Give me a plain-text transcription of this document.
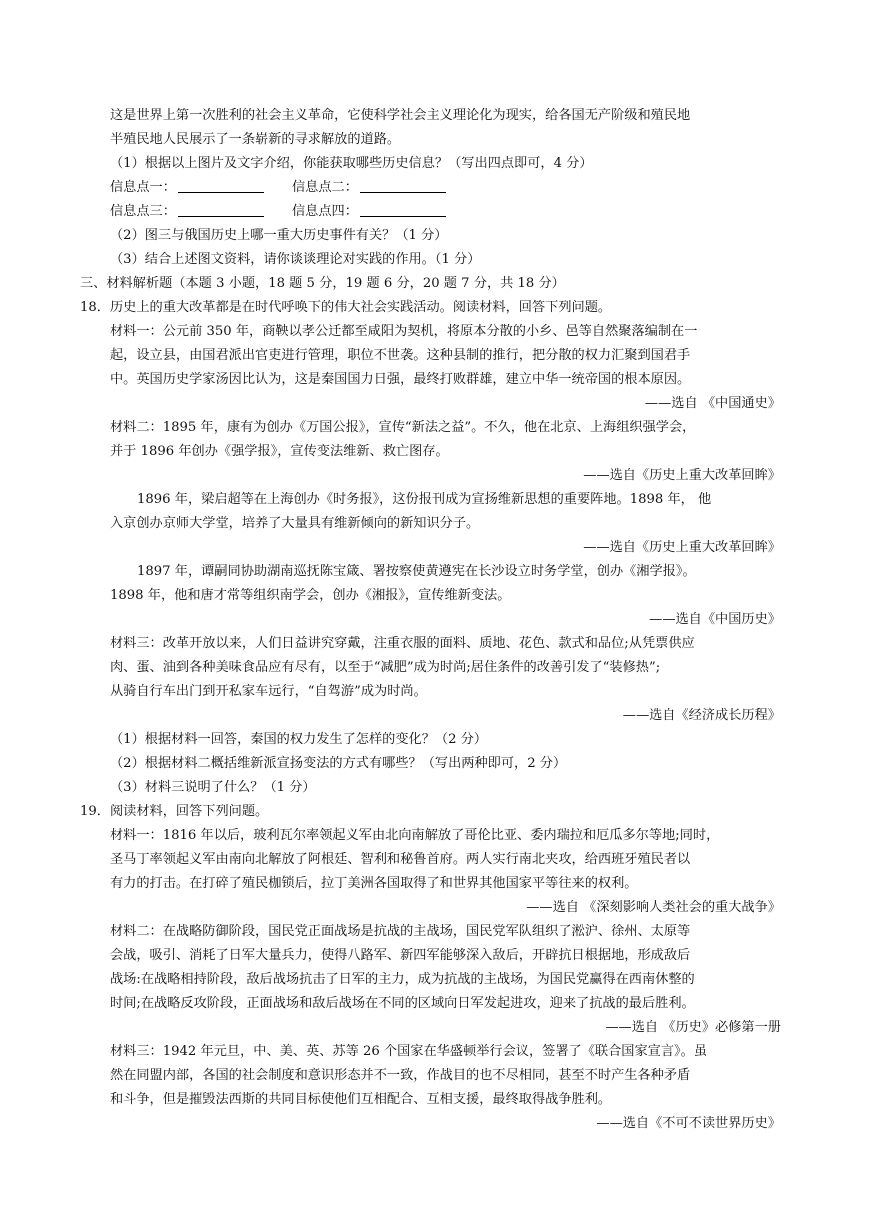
这是世界上第一次胜利的社会主义革命，它使科学社会主义理论化为现实，给各国无产阶级和殖民地
半殖民地人民展示了一条崭新的寻求解放的道路。
（1）根据以上图片及文字介绍，你能获取哪些历史信息？（写出四点即可，4 分）
信息点一：	信息点二：
信息点三：	信息点四：
（2）图三与俄国历史上哪一重大历史事件有关？（1 分）
（3）结合上述图文资料，请你谈谈理论对实践的作用。（1 分）
三、材料解析题（本题 3 小题，18 题 5 分，19 题 6 分，20 题 7 分，共 18 分）
18．历史上的重大改革都是在时代呼唤下的伟大社会实践活动。阅读材料，回答下列问题。
材料一：公元前 350 年，商鞅以孝公迁都至咸阳为契机，将原本分散的小乡、邑等自然聚落编制在一
起，设立县，由国君派出官吏进行管理，职位不世袭。这种县制的推行，把分散的权力汇聚到国君手
中。英国历史学家汤因比认为，这是秦国国力日强，最终打败群雄，建立中华一统帝国的根本原因。
——选自 《中国通史》
材料二：1895 年，康有为创办《万国公报》，宣传“新法之益”。不久，他在北京、上海组织强学会，
并于 1896 年创办《强学报》，宣传变法维新、救亡图存。
——选自《历史上重大改革回眸》
1896 年，梁启超等在上海创办《时务报》，这份报刊成为宣扬维新思想的重要阵地。1898 年， 他
入京创办京师大学堂，培养了大量具有维新倾向的新知识分子。
——选自《历史上重大改革回眸》
1897 年，谭嗣同协助湖南巡抚陈宝箴、署按察使黄遵宪在长沙设立时务学堂，创办《湘学报》。
1898 年，他和唐才常等组织南学会，创办《湘报》，宣传维新变法。
——选自《中国历史》
材料三：改革开放以来，人们日益讲究穿戴，注重衣服的面料、质地、花色、款式和品位;从凭票供应
肉、蛋、油到各种美味食品应有尽有，以至于“减肥”成为时尚;居住条件的改善引发了“装修热”;
从骑自行车出门到开私家车远行，“自驾游”成为时尚。
——选自《经济成长历程》
（1）根据材料一回答，秦国的权力发生了怎样的变化？（2 分）
（2）根据材料二概括维新派宣扬变法的方式有哪些？（写出两种即可，2 分）
（3）材料三说明了什么？（1 分）
19．阅读材料，回答下列问题。
材料一：1816 年以后，玻利瓦尔率领起义军由北向南解放了哥伦比亚、委内瑞拉和厄瓜多尔等地;同时，
圣马丁率领起义军由南向北解放了阿根廷、智利和秘鲁首府。两人实行南北夹攻，给西班牙殖民者以
有力的打击。在打碎了殖民枷锁后，拉丁美洲各国取得了和世界其他国家平等往来的权利。
——选自 《深刻影响人类社会的重大战争》
材料二：在战略防御阶段，国民党正面战场是抗战的主战场，国民党军队组织了淞沪、徐州、太原等
会战，吸引、消耗了日军大量兵力，使得八路军、新四军能够深入敌后，开辟抗日根据地，形成敌后
战场:在战略相持阶段，敌后战场抗击了日军的主力，成为抗战的主战场，为国民党赢得在西南休整的
时间;在战略反攻阶段，正面战场和敌后战场在不同的区域向日军发起进攻，迎来了抗战的最后胜利。
——选自 《历史》必修第一册
材料三：1942 年元旦，中、美、英、苏等 26 个国家在华盛顿举行会议，签署了《联合国家宣言》。虽
然在同盟内部，各国的社会制度和意识形态并不一致，作战目的也不尽相同，甚至不时产生各种矛盾
和斗争，但是摧毁法西斯的共同目标使他们互相配合、互相支援，最终取得战争胜利。
——选自《不可不读世界历史》
